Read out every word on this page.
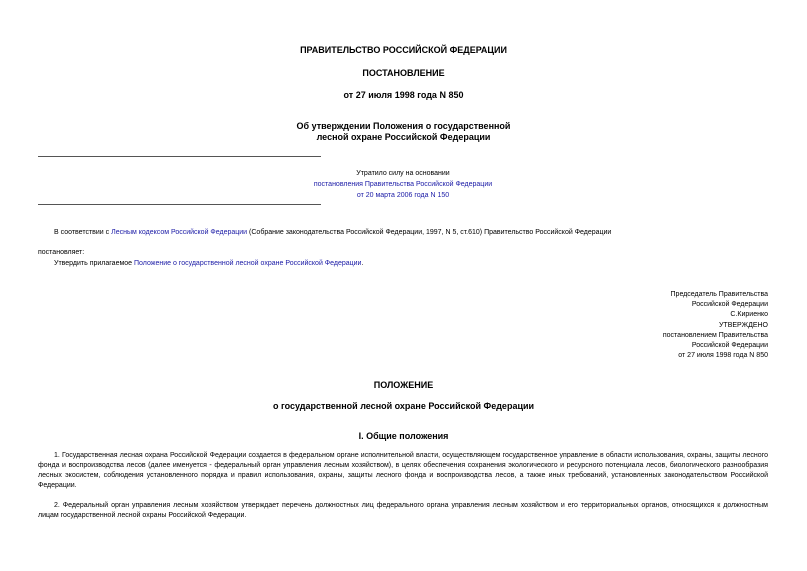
ПРАВИТЕЛЬСТВО РОССИЙСКОЙ ФЕДЕРАЦИИ
ПОСТАНОВЛЕНИЕ
от 27 июля 1998 года N 850
Об утверждении Положения о государственной
лесной охране Российской Федерации
Утратило силу на основании
постановления Правительства Российской Федерации
от 20 марта 2006 года N 150
В соответствии с Лесным кодексом Российской Федерации (Собрание законодательства Российской Федерации, 1997, N 5, ст.610) Правительство Российской Федерации
постановляет:
Утвердить прилагаемое Положение о государственной лесной охране Российской Федерации.
Председатель Правительства
Российской Федерации
С.Кириенко
УТВЕРЖДЕНО
постановлением Правительства
Российской Федерации
от 27 июля 1998 года N 850
ПОЛОЖЕНИЕ
о государственной лесной охране Российской Федерации
I. Общие положения
1. Государственная лесная охрана Российской Федерации создается в федеральном органе исполнительной власти, осуществляющем государственное управление в области использования, охраны, защиты лесного фонда и воспроизводства лесов (далее именуется - федеральный орган управления лесным хозяйством), в целях обеспечения сохранения экологического и ресурсного потенциала лесов, биологического разнообразия лесных экосистем, соблюдения установленного порядка и правил использования, охраны, защиты лесного фонда и воспроизводства лесов, а также иных требований, установленных законодательством Российской Федерации.
2. Федеральный орган управления лесным хозяйством утверждает перечень должностных лиц федерального органа управления лесным хозяйством и его территориальных органов, относящихся к должностным лицам государственной лесной охраны Российской Федерации.
